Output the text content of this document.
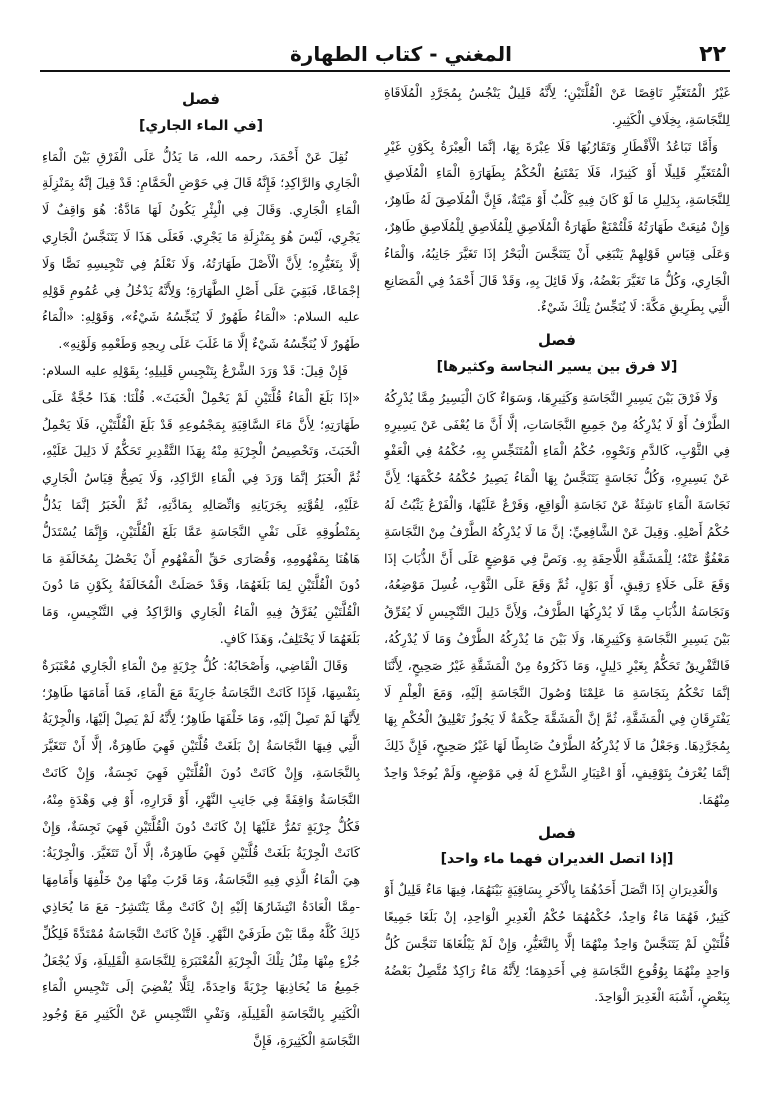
٢٢
المغني - كتاب الطهارة

غَيْرُ الْمُتَغَيِّرِ نَاقِصًا عَنْ الْقُلَّتَيْنِ؛ لِأَنَّهُ قَلِيلٌ يَنْجُسُ بِمُجَرَّدِ الْمُلَاقَاةِ لِلنَّجَاسَةِ، بِخِلَافِ الْكَثِيرِ.

وَأَمَّا تَبَاعُدُ الْأَقْطَارِ وَتَقَارُبُهَا فَلَا عِبْرَةَ بِهَا، إنَّمَا الْعِبْرَةُ بِكَوْنِ غَيْرِ الْمُتَغَيِّرِ قَلِيلًا أَوْ كَثِيرًا، فَلَا يَمْتَنِعُ الْحُكْمُ بِطَهَارَةِ الْمَاءِ الْمُلَاصِقِ لِلنَّجَاسَةِ، بِدَلِيلِ مَا لَوْ كَانَ فِيهِ كَلْبٌ أَوْ مَيْتَةٌ، فَإِنَّ الْمُلَاصِقَ لَهُ طَاهِرٌ، وَإِنْ مُنِعَتْ طَهَارَتُهُ فَلْتُمْنَعْ طَهَارَةُ الْمُلَاصِقِ لِلْمُلَاصِقِ لِلْمُلَاصِقِ طَاهِرٌ، وَعَلَى قِيَاسِ قَوْلِهِمْ يَنْبَغِي أَنْ يَتَنَجَّسَ الْبَحْرُ إذَا تَغَيَّرَ جَانِبُهُ، وَالْمَاءُ الْجَارِي، وَكُلُّ مَا تَغَيَّرَ بَعْضُهُ، وَلَا قَائِلَ بِهِ، وَقَدْ قَالَ أَحْمَدُ فِي الْمَصَانِعِ الَّتِي بِطَرِيقِ مَكَّةَ: لَا يُنَجِّسُ تِلْكَ شَيْءٌ.

فصل
[لا فرق بين يسير النجاسة وكثيرها]

وَلَا فَرْقَ بَيْنَ يَسِيرِ النَّجَاسَةِ وَكَثِيرِهَا، وَسَوَاءٌ كَانَ الْيَسِيرُ مِمَّا يُدْرِكُهُ الطَّرْفُ أَوْ لَا يُدْرِكُهُ مِنْ جَمِيعِ النَّجَاسَاتِ، إلَّا أَنَّ مَا يُعْفَى عَنْ يَسِيرِهِ فِي الثَّوْبِ، كَالدَّمِ وَنَحْوِهِ، حُكْمُ الْمَاءِ الْمُتَنَجِّسِ بِهِ، حُكْمُهُ فِي الْعَفْوِ عَنْ يَسِيرِهِ، وَكُلُّ نَجَاسَةٍ يَتَنَجَّسُ بِهَا الْمَاءُ يَصِيرُ حُكْمُهُ حُكْمَهَا؛ لِأَنَّ نَجَاسَةَ الْمَاءِ نَاشِئَةٌ عَنْ نَجَاسَةِ الْوَاقِعِ، وَفَرْعٌ عَلَيْهَا، وَالْفَرْعُ يَثْبُتُ لَهُ حُكْمُ أَصْلِهِ. وَقِيلَ عَنْ الشَّافِعِيِّ: إنَّ مَا لَا يُدْرِكُهُ الطَّرْفُ مِنْ النَّجَاسَةِ مَعْفُوٌّ عَنْهُ؛ لِلْمَشَقَّةِ اللَّاحِقَةِ بِهِ. وَنَصَّ فِي مَوْضِعٍ عَلَى أَنَّ الذُّبَابَ إذَا وَقَعَ عَلَى خَلَاءٍ رَقِيقٍ، أَوْ بَوْلٍ، ثُمَّ وَقَعَ عَلَى الثَّوْبِ، غُسِلَ مَوْضِعُهُ، وَنَجَاسَةُ الذُّبَابِ مِمَّا لَا يُدْرِكُهَا الطَّرْفُ، وَلِأَنَّ دَلِيلَ التَّنْجِيسِ لَا يُفَرِّقُ بَيْنَ يَسِيرِ النَّجَاسَةِ وَكَثِيرِهَا، وَلَا بَيْنَ مَا يُدْرِكُهُ الطَّرْفُ وَمَا لَا يُدْرِكُهُ، فَالتَّفْرِيقُ تَحَكُّمٌ بِغَيْرِ دَلِيلٍ، وَمَا ذَكَرُوهُ مِنْ الْمَشَقَّةِ غَيْرُ صَحِيحٍ، لِأَنَّنَا إنَّمَا نَحْكُمُ بِنَجَاسَةِ مَا عَلِمْنَا وُصُولَ النَّجَاسَةِ إلَيْهِ، وَمَعَ الْعِلْمِ لَا يَفْتَرِقَانِ فِي الْمَشَقَّةِ، ثُمَّ إنَّ الْمَشَقَّةَ حِكْمَةٌ لَا يَجُوزُ تَعْلِيقُ الْحُكْمِ بِهَا بِمُجَرَّدِهَا. وَجَعْلُ مَا لَا يُدْرِكُهُ الطَّرْفُ ضَابِطًا لَهَا غَيْرُ صَحِيحٍ، فَإِنَّ ذَلِكَ إنَّمَا يُعْرَفُ بِتَوْقِيفٍ، أَوْ اعْتِبَارِ الشَّرْعِ لَهُ فِي مَوْضِعٍ، وَلَمْ يُوجَدْ وَاحِدٌ مِنْهُمَا.

فصل
[إذا اتصل الغديران فهما ماء واحد]

وَالْغَدِيرَانِ إذَا اتَّصَلَ أَحَدُهُمَا بِالْآخَرِ بِسَاقِيَةٍ بَيْنَهُمَا، فِيهَا مَاءٌ قَلِيلٌ أَوْ كَثِيرٌ، فَهُمَا مَاءٌ وَاحِدٌ، حُكْمُهُمَا حُكْمُ الْغَدِيرِ الْوَاحِدِ، إنْ بَلَغَا جَمِيعًا قُلَّتَيْنِ لَمْ يَتَنَجَّسْ وَاحِدٌ مِنْهُمَا إلَّا بِالتَّغَيُّرِ، وَإِنْ لَمْ يَبْلُغَاهَا تَنَجَّسَ كُلُّ وَاحِدٍ مِنْهُمَا بِوُقُوعِ النَّجَاسَةِ فِي أَحَدِهِمَا؛ لِأَنَّهُ مَاءٌ رَاكِدٌ مُتَّصِلٌ بَعْضُهُ بِبَعْضٍ، أَشْبَهَ الْغَدِيرَ الْوَاحِدَ.

فصل
[في الماء الجاري]

نُقِلَ عَنْ أَحْمَدَ، رحمه الله، مَا يَدُلُّ عَلَى الْفَرْقِ بَيْنَ الْمَاءِ الْجَارِي وَالرَّاكِدِ؛ فَإِنَّهُ قَالَ فِي حَوْضِ الْحَمَّامِ: قَدْ قِيلَ إنَّهُ بِمَنْزِلَةِ الْمَاءِ الْجَارِي. وَقَالَ فِي الْبِئْرِ يَكُونُ لَهَا مَادَّةٌ: هُوَ وَاقِفٌ لَا يَجْرِي، لَيْسَ هُوَ بِمَنْزِلَةِ مَا يَجْرِي. فَعَلَى هَذَا لَا يَتَنَجَّسُ الْجَارِي إلَّا بِتَغَيُّرِهِ؛ لِأَنَّ الْأَصْلَ طَهَارَتُهُ، وَلَا نَعْلَمُ فِي تَنْجِيسِهِ نَصًّا وَلَا إجْمَاعًا، فَبَقِيَ عَلَى أَصْلِ الطَّهَارَةِ؛ وَلِأَنَّهُ يَدْخُلُ فِي عُمُومِ قَوْلِهِ عليه السلام: «الْمَاءُ طَهُورٌ لَا يُنَجِّسُهُ شَيْءٌ»، وَقَوْلِهِ: «الْمَاءُ طَهُورٌ لَا يُنَجِّسُهُ شَيْءٌ إلَّا مَا غَلَبَ عَلَى رِيحِهِ وَطَعْمِهِ وَلَوْنِهِ».

فَإِنْ قِيلَ: قَدْ وَرَدَ الشَّرْعُ بِتَنْجِيسِ قَلِيلِهِ؛ بِقَوْلِهِ عليه السلام: «إذَا بَلَغَ الْمَاءُ قُلَّتَيْنِ لَمْ يَحْمِلْ الْخَبَثَ». قُلْنَا: هَذَا حُجَّةٌ عَلَى طَهَارَتِهِ؛ لِأَنَّ مَاءَ السَّاقِيَةِ بِمَجْمُوعِهِ قَدْ بَلَغَ الْقُلَّتَيْنِ، فَلَا يَحْمِلُ الْخَبَثَ، وَتَخْصِيصُ الْجِرْيَةِ مِنْهُ بِهَذَا التَّقْدِيرِ تَحَكُّمٌ لَا دَلِيلَ عَلَيْهِ، ثُمَّ الْخَبَرُ إنَّمَا وَرَدَ فِي الْمَاءِ الرَّاكِدِ، وَلَا يَصِحُّ قِيَاسُ الْجَارِي عَلَيْهِ، لِقُوَّتِهِ بِجَرَيَانِهِ وَاتِّصَالِهِ بِمَادَّتِهِ، ثُمَّ الْخَبَرُ إنَّمَا يَدُلُّ بِمَنْطُوقِهِ عَلَى نَفْيِ النَّجَاسَةِ عَمَّا بَلَغَ الْقُلَّتَيْنِ، وَإِنَّمَا يُسْتَدَلُّ هَاهُنَا بِمَفْهُومِهِ، وَقُصَارَى حَقِّ الْمَفْهُومِ أَنْ يَحْصُلَ بِمُخَالَفَةِ مَا دُونَ الْقُلَّتَيْنِ لِمَا بَلَغَهُمَا، وَقَدْ حَصَلَتْ الْمُخَالَفَةُ بِكَوْنِ مَا دُونَ الْقُلَّتَيْنِ يُفَرَّقُ فِيهِ الْمَاءُ الْجَارِي وَالرَّاكِدُ فِي التَّنْجِيسِ، وَمَا بَلَغَهُمَا لَا يَخْتَلِفُ، وَهَذَا كَافٍ.

وَقَالَ الْقَاضِي، وَأَصْحَابُهُ: كُلُّ جِرْيَةٍ مِنْ الْمَاءِ الْجَارِي مُعْتَبَرَةٌ بِنَفْسِهَا، فَإِذَا كَانَتْ النَّجَاسَةُ جَارِيَةً مَعَ الْمَاءِ، فَمَا أَمَامَهَا طَاهِرٌ؛ لِأَنَّهَا لَمْ تَصِلْ إلَيْهِ، وَمَا خَلْفَهَا طَاهِرٌ؛ لِأَنَّهُ لَمْ يَصِلْ إلَيْهَا، وَالْجِرْيَةُ الَّتِي فِيهَا النَّجَاسَةُ إنْ بَلَغَتْ قُلَّتَيْنِ فَهِيَ طَاهِرَةٌ، إلَّا أَنْ تَتَغَيَّرَ بِالنَّجَاسَةِ، وَإِنْ كَانَتْ دُونَ الْقُلَّتَيْنِ فَهِيَ نَجِسَةٌ، وَإِنْ كَانَتْ النَّجَاسَةُ وَاقِفَةً فِي جَانِبِ النَّهْرِ، أَوْ قَرَارِهِ، أَوْ فِي وَهْدَةٍ مِنْهُ، فَكُلُّ جِرْيَةٍ تَمُرُّ عَلَيْهَا إنْ كَانَتْ دُونَ الْقُلَّتَيْنِ فَهِيَ نَجِسَةٌ، وَإِنْ كَانَتْ الْجِرْيَةُ بَلَغَتْ قُلَّتَيْنِ فَهِيَ طَاهِرَةٌ، إلَّا أَنْ تَتَغَيَّرَ. وَالْجِرْيَةُ: هِيَ الْمَاءُ الَّذِي فِيهِ النَّجَاسَةُ، وَمَا قَرُبَ مِنْهَا مِنْ خَلْفِهَا وَأَمَامِهَا -مِمَّا الْعَادَةُ انْتِشَارُهَا إلَيْهِ إنْ كَانَتْ مِمَّا يَنْتَشِرُ- مَعَ مَا يُحَاذِي ذَلِكَ كُلَّهُ مِمَّا بَيْنَ طَرَفَيْ النَّهْرِ. فَإِنْ كَانَتْ النَّجَاسَةُ مُمْتَدَّةً فَلِكُلِّ جُزْءٍ مِنْهَا مِثْلُ تِلْكَ الْجِرْيَةِ الْمُعْتَبَرَةِ لِلنَّجَاسَةِ الْقَلِيلَةِ، وَلَا يُجْعَلُ جَمِيعُ مَا يُحَاذِيهَا جِرْيَةً وَاحِدَةً، لِئَلَّا يُفْضِيَ إلَى تَنْجِيسِ الْمَاءِ الْكَثِيرِ بِالنَّجَاسَةِ الْقَلِيلَةِ، وَنَفْيِ التَّنْجِيسِ عَنْ الْكَثِيرِ مَعَ وُجُودِ النَّجَاسَةِ الْكَثِيرَةِ، فَإِنَّ
